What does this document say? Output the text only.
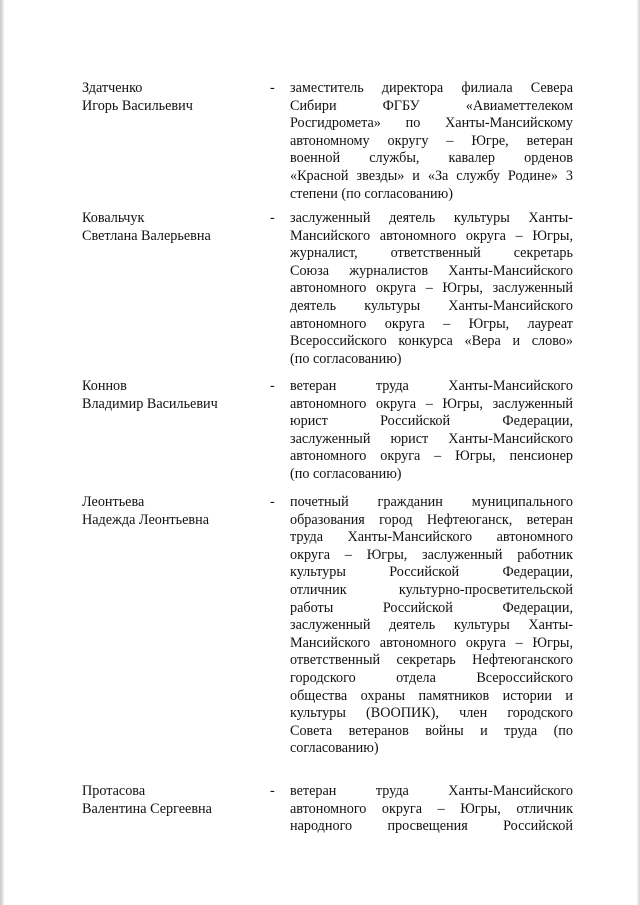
Здатченко
Игорь Васильевич
- заместитель директора филиала Севера
Сибири ФГБУ «Авиаметтелеком
Росгидромета» по Ханты-Мансийскому
автономному округу – Югре, ветеран
военной службы, кавалер орденов
«Красной звезды» и «За службу Родине» 3
степени (по согласованию)
Ковальчук
Светлана Валерьевна
- заслуженный деятель культуры Ханты-
Мансийского автономного округа – Югры,
журналист, ответственный секретарь
Союза журналистов Ханты-Мансийского
автономного округа – Югры, заслуженный
деятель культуры Ханты-Мансийского
автономного округа – Югры, лауреат
Всероссийского конкурса «Вера и слово»
(по согласованию)
Коннов
Владимир Васильевич
- ветеран труда Ханты-Мансийского
автономного округа – Югры, заслуженный
юрист Российской Федерации,
заслуженный юрист Ханты-Мансийского
автономного округа – Югры, пенсионер
(по согласованию)
Леонтьева
Надежда Леонтьевна
- почетный гражданин муниципального
образования город Нефтеюганск, ветеран
труда Ханты-Мансийского автономного
округа – Югры, заслуженный работник
культуры Российской Федерации,
отличник культурно-просветительской
работы Российской Федерации,
заслуженный деятель культуры Ханты-
Мансийского автономного округа – Югры,
ответственный секретарь Нефтеюганского
городского отдела Всероссийского
общества охраны памятников истории и
культуры (ВООПИК), член городского
Совета ветеранов войны и труда (по
согласованию)
Протасова
Валентина Сергеевна
- ветеран труда Ханты-Мансийского
автономного округа – Югры, отличник
народного просвещения Российской
